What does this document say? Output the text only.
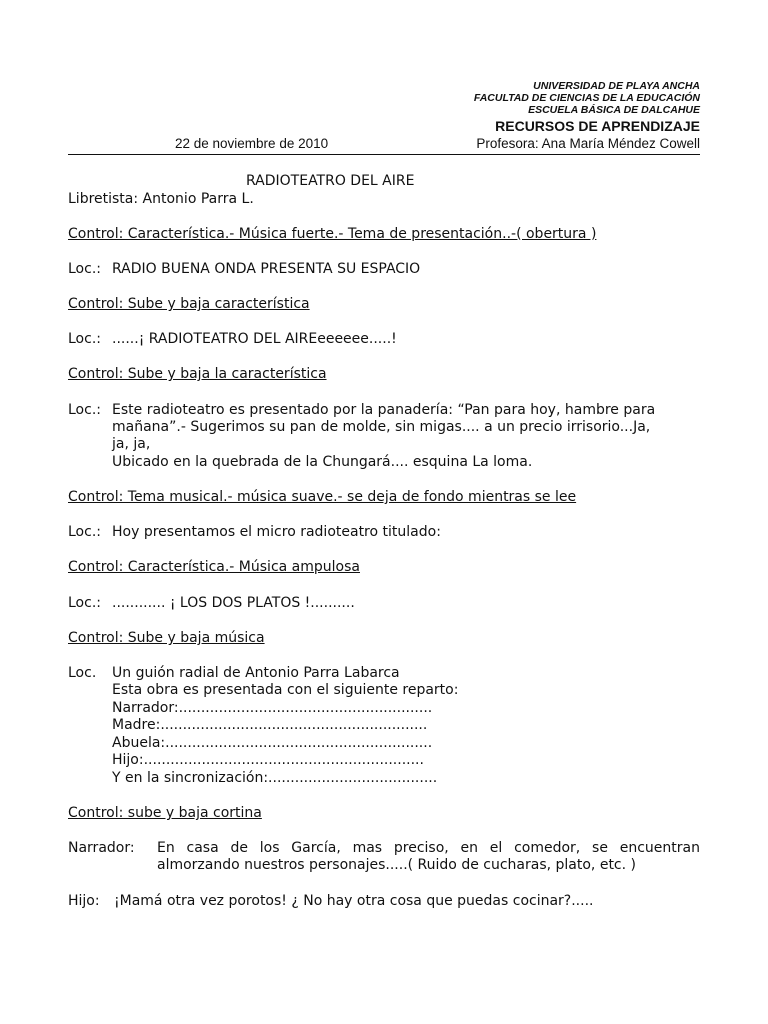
UNIVERSIDAD DE PLAYA ANCHA
FACULTAD DE CIENCIAS DE LA EDUCACIÓN
ESCUELA BÁSICA DE DALCAHUE
RECURSOS DE APRENDIZAJE
22 de noviembre de 2010	Profesora: Ana María Méndez Cowell
RADIOTEATRO DEL AIRE
Libretista: Antonio Parra L.
Control: Característica.- Música fuerte.- Tema de presentación..-( obertura )
Loc.: RADIO BUENA ONDA PRESENTA SU ESPACIO
Control: Sube y baja característica
Loc.: ......¡ RADIOTEATRO DEL AIREeeeeee.....!
Control: Sube y baja la característica
Loc.: Este radioteatro es presentado por la panadería: “Pan para hoy, hambre para
mañana”.- Sugerimos su pan de molde, sin migas.... a un precio irrisorio...Ja,
ja, ja,
Ubicado en la quebrada de la Chungará.... esquina La loma.
Control: Tema musical.- música suave.- se deja de fondo mientras se lee
Loc.: Hoy presentamos el micro radioteatro titulado:
Control: Característica.- Música ampulosa
Loc.: ............ ¡ LOS DOS PLATOS !..........
Control: Sube y baja música
Loc. Un guión radial de Antonio Parra Labarca
Esta obra es presentada con el siguiente reparto:
Narrador:.........................................................
Madre:............................................................
Abuela:............................................................
Hijo:...............................................................
Y en la sincronización:......................................
Control: sube y baja cortina
Narrador: En casa de los García, mas preciso, en el comedor, se encuentran
almorzando nuestros personajes.....( Ruido de cucharas, plato, etc. )
Hijo: ¡Mamá otra vez porotos! ¿ No hay otra cosa que puedas cocinar?.....
